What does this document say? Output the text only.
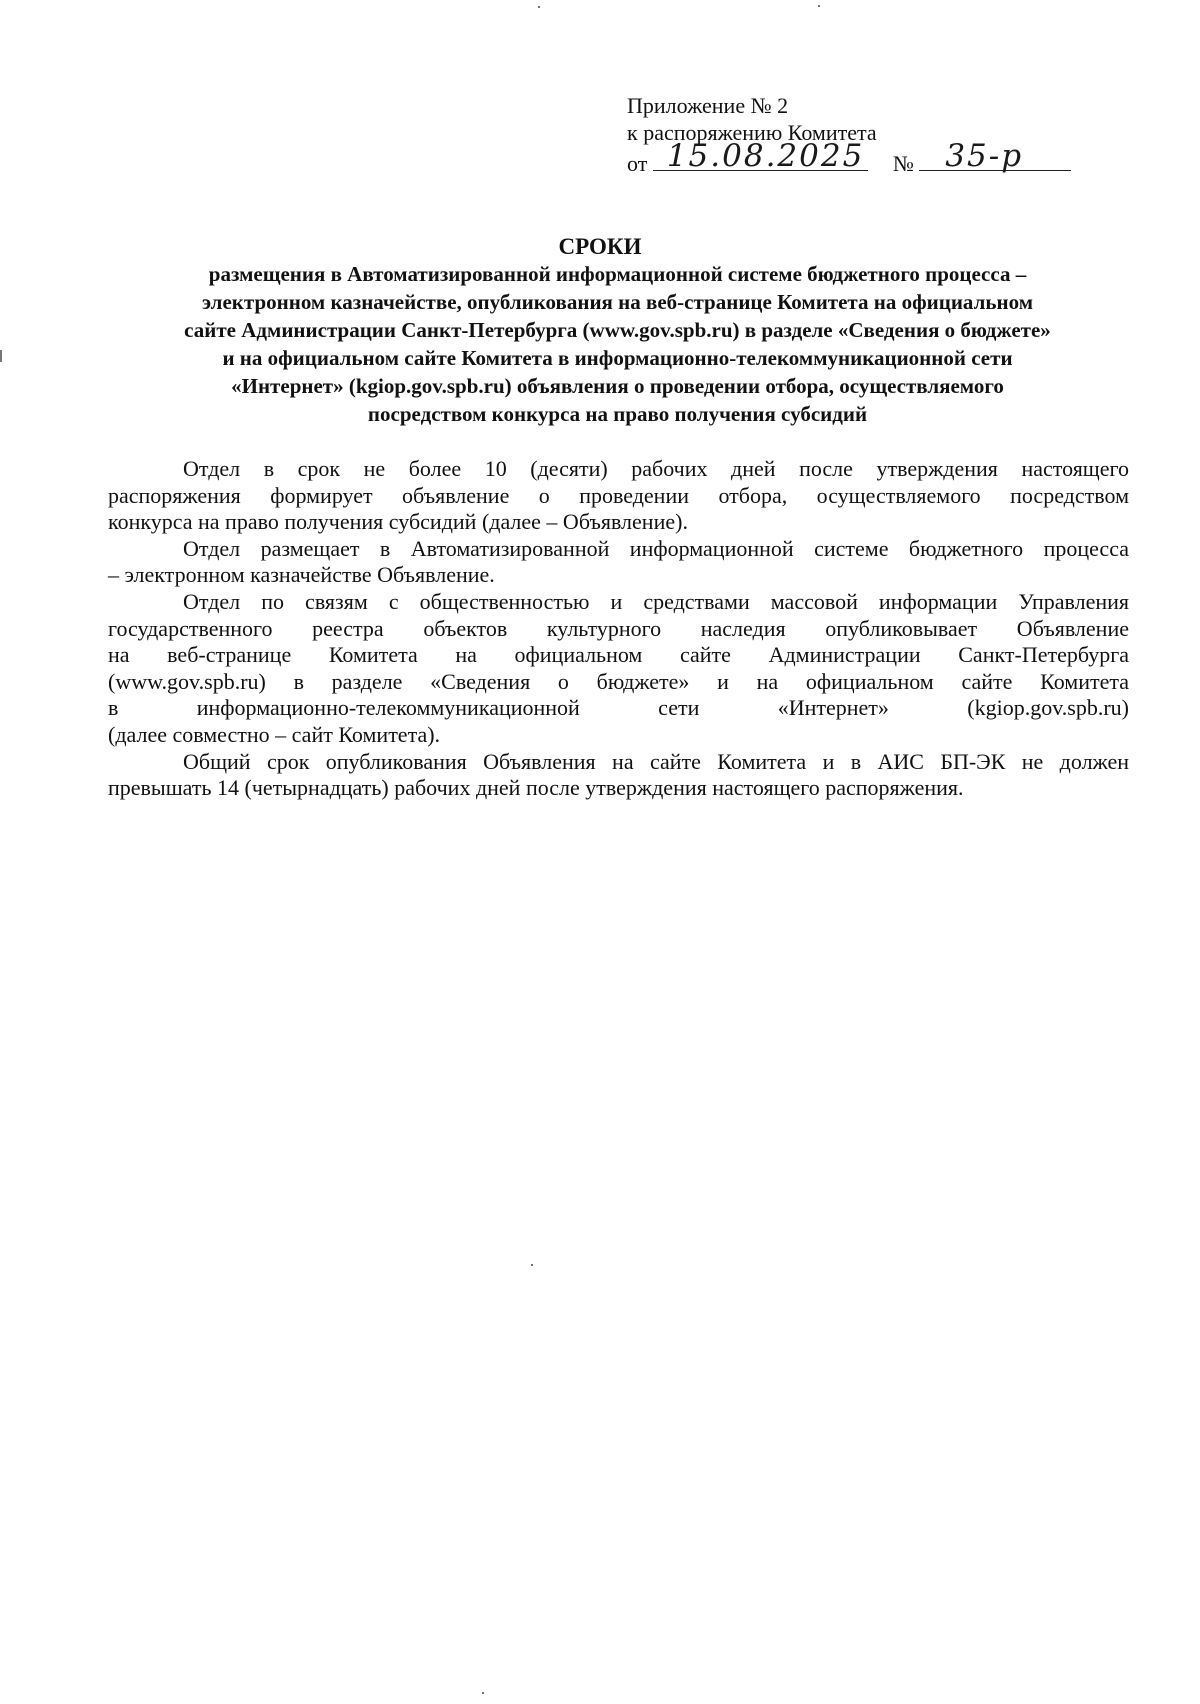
Приложение № 2
к распоряжению Комитета
от 15.08.2025 № 35-р
СРОКИ
размещения в Автоматизированной информационной системе бюджетного процесса –
электронном казначействе, опубликования на веб-странице Комитета на официальном
сайте Администрации Санкт-Петербурга (www.gov.spb.ru) в разделе «Сведения о бюджете»
и на официальном сайте Комитета в информационно-телекоммуникационной сети
«Интернет» (kgiop.gov.spb.ru) объявления о проведении отбора, осуществляемого
посредством конкурса на право получения субсидий
Отдел в срок не более 10 (десяти) рабочих дней после утверждения настоящего
распоряжения формирует объявление о проведении отбора, осуществляемого посредством
конкурса на право получения субсидий (далее – Объявление).
Отдел размещает в Автоматизированной информационной системе бюджетного процесса
– электронном казначействе Объявление.
Отдел по связям с общественностью и средствами массовой информации Управления
государственного реестра объектов культурного наследия опубликовывает Объявление
на веб-странице Комитета на официальном сайте Администрации Санкт-Петербурга
(www.gov.spb.ru) в разделе «Сведения о бюджете» и на официальном сайте Комитета
в информационно-телекоммуникационной сети «Интернет» (kgiop.gov.spb.ru)
(далее совместно – сайт Комитета).
Общий срок опубликования Объявления на сайте Комитета и в АИС БП-ЭК не должен
превышать 14 (четырнадцать) рабочих дней после утверждения настоящего распоряжения.
